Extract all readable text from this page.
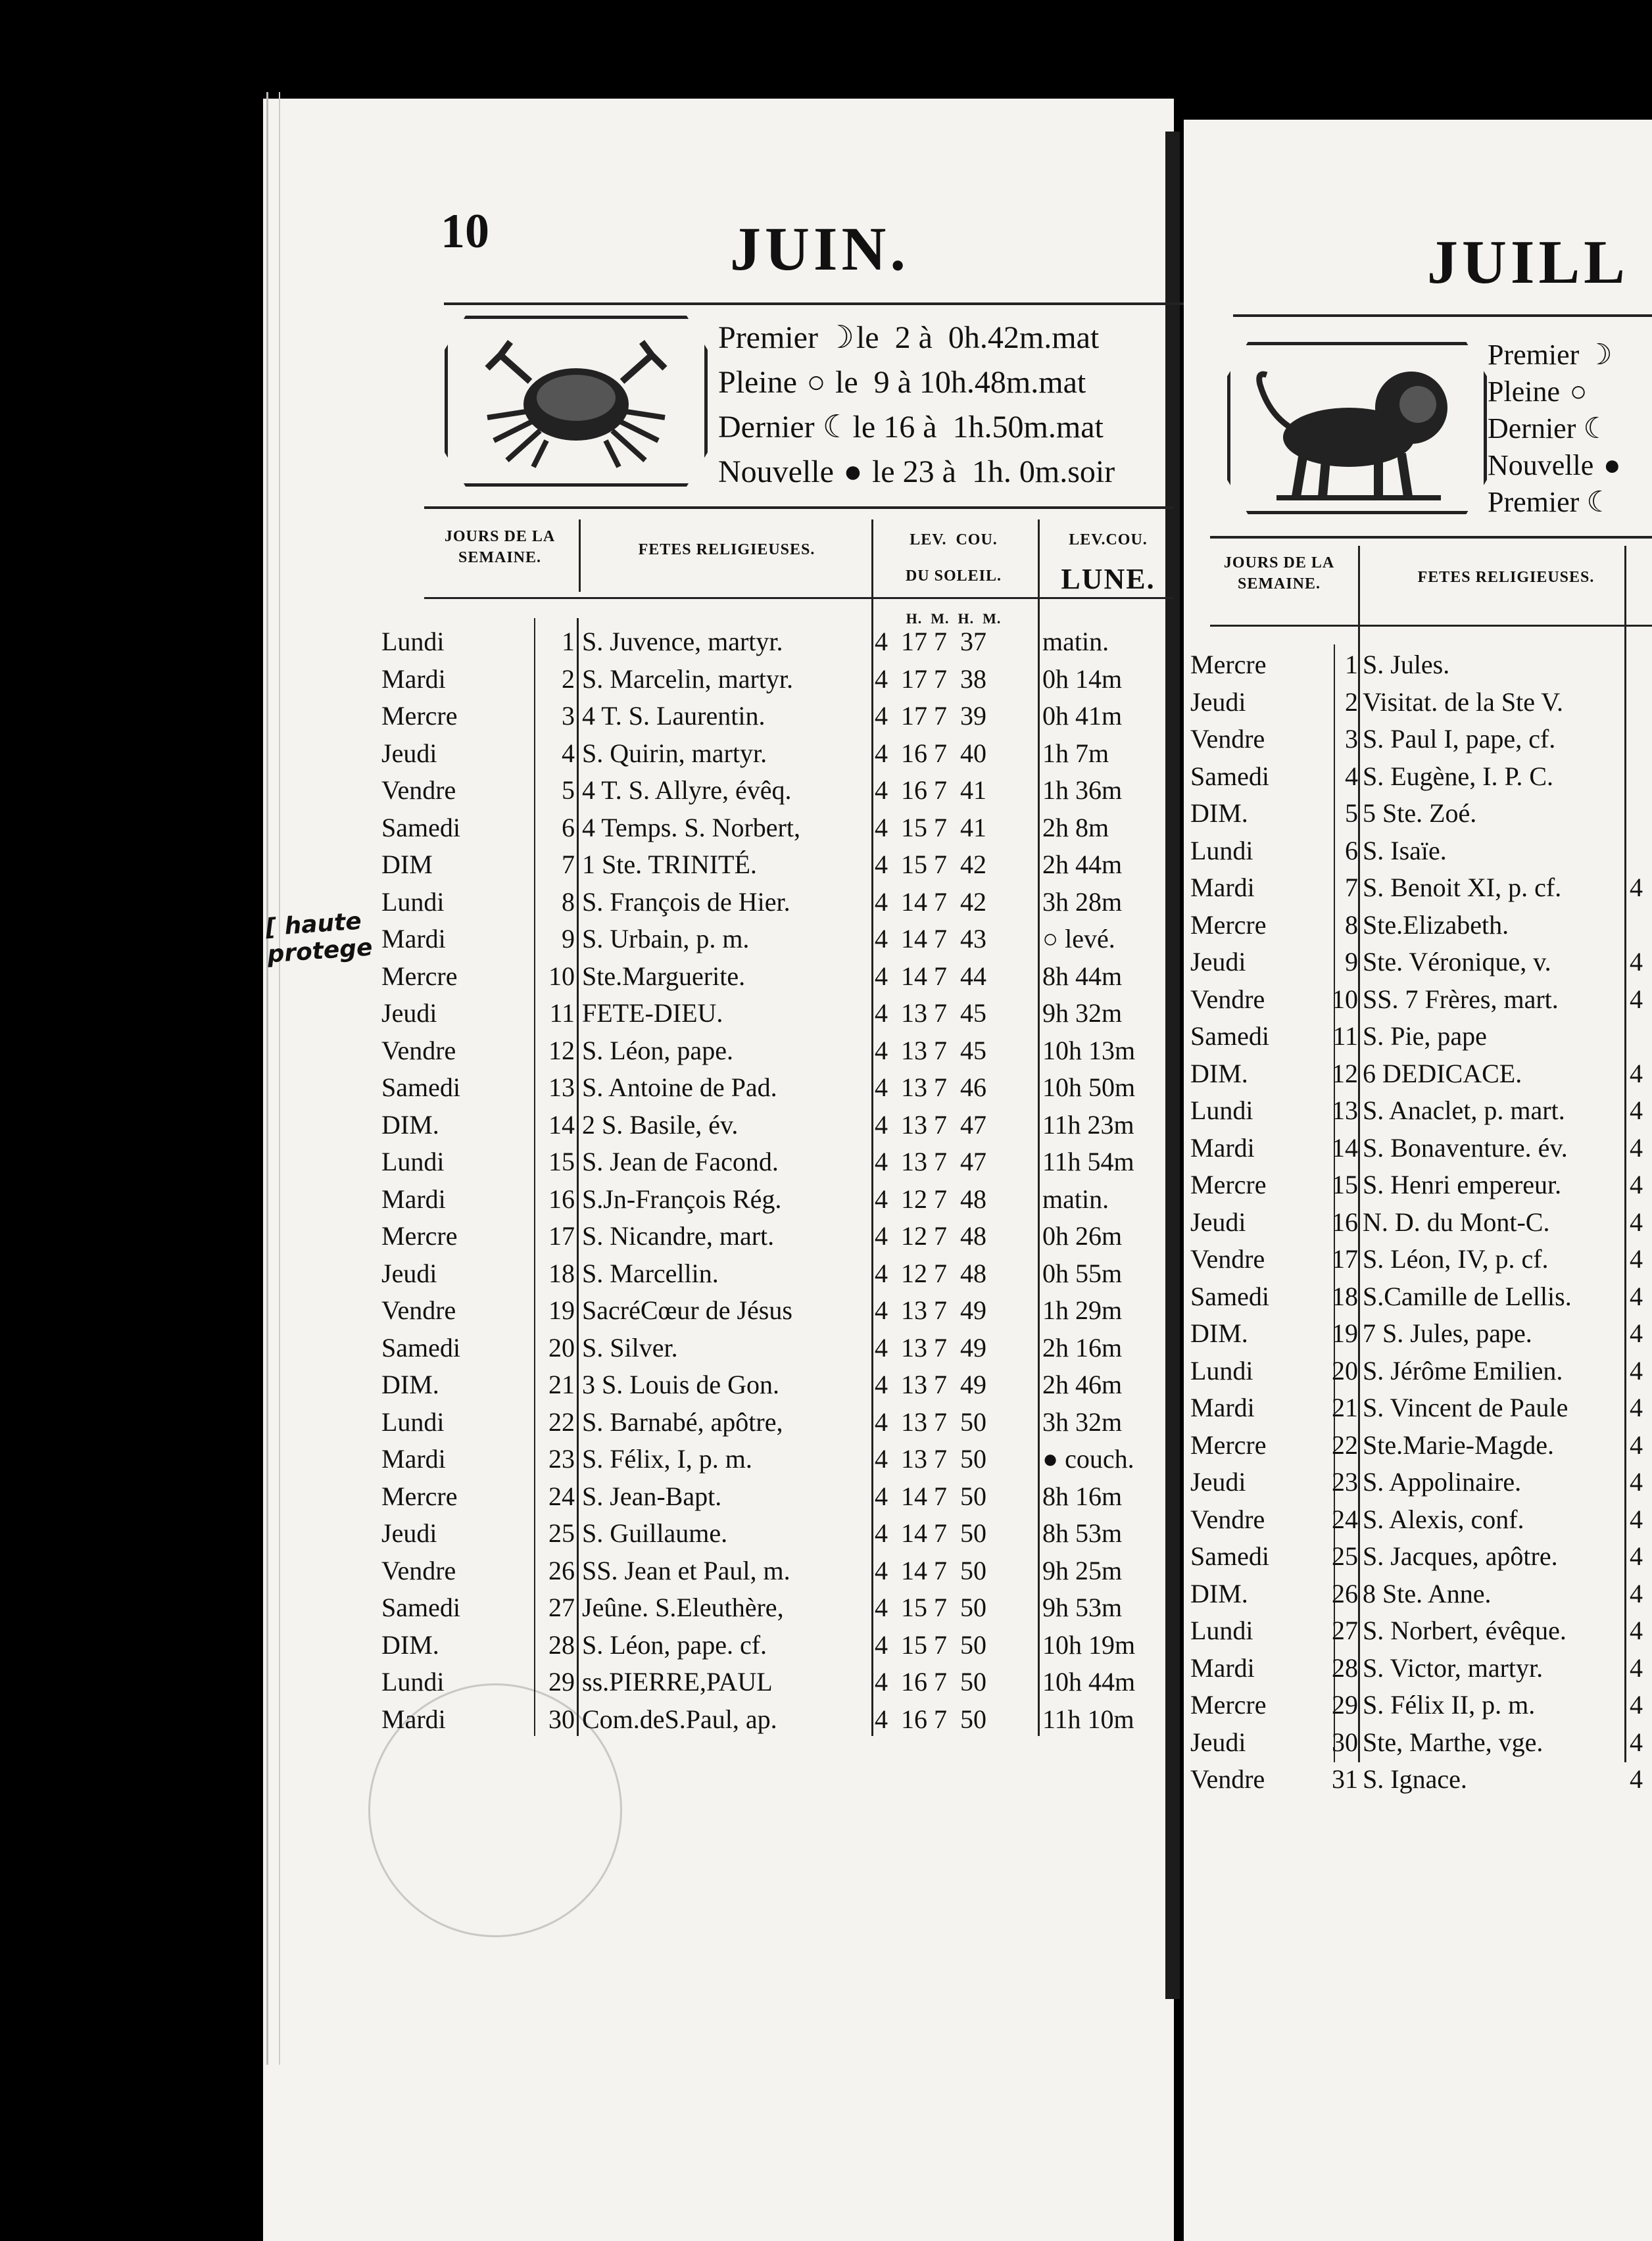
10	JUIN.
Premier ☽ le  2 à  0h.42m.mat
Pleine ○ le  9 à 10h.48m.mat
Dernier ☾ le 16 à  1h.50m.mat
Nouvelle ● le 23 à  1h. 0m.soir
JOURS DE LA SEMAINE.	FETES RELIGIEUSES.
LEV.  COU.
DU SOLEIL.
LEV.COU.
LUNE.
H.  M.  H.  M.
Lundi	1 S. Juvence, martyr.	4  17 7  37	matin.
Mardi	2 S. Marcelin, martyr.	4  17 7  38	0h 14m
Mercre	3 4 T. S. Laurentin.	4  17 7  39	0h 41m
Jeudi	4 S. Quirin, martyr.	4  16 7  40	1h 7m
Vendre	5 4 T. S. Allyre, évêq.	4  16 7  41	1h 36m
Samedi	6 4 Temps. S. Norbert,	4  15 7  41	2h 8m
DIM	7 1 Ste. TRINITÉ.	4  15 7  42	2h 44m
Lundi	8 S. François de Hier.	4  14 7  42	3h 28m
Mardi	9 S. Urbain, p. m.	4  14 7  43	○ levé.
Mercre	10 Ste.Marguerite.	4  14 7  44	8h 44m
Jeudi	11 FETE-DIEU.	4  13 7  45	9h 32m
Vendre	12 S. Léon, pape.	4  13 7  45	10h 13m
Samedi	13 S. Antoine de Pad.	4  13 7  46	10h 50m
DIM.	14 2 S. Basile, év.	4  13 7  47	11h 23m
Lundi	15 S. Jean de Facond.	4  13 7  47	11h 54m
Mardi	16 S.Jn-François Rég.	4  12 7  48	matin.
Mercre	17 S. Nicandre, mart.	4  12 7  48	0h 26m
Jeudi	18 S. Marcellin.	4  12 7  48	0h 55m
Vendre	19 SacréCœur de Jésus	4  13 7  49	1h 29m
Samedi	20 S. Silver.	4  13 7  49	2h 16m
DIM.	21 3 S. Louis de Gon.	4  13 7  49	2h 46m
Lundi	22 S. Barnabé, apôtre,	4  13 7  50	3h 32m
Mardi	23 S. Félix, I, p. m.	4  13 7  50	● couch.
Mercre	24 S. Jean-Bapt.	4  14 7  50	8h 16m
Jeudi	25 S. Guillaume.	4  14 7  50	8h 53m
Vendre	26 SS. Jean et Paul, m.	4  14 7  50	9h 25m
Samedi	27 Jeûne. S.Eleuthère,	4  15 7  50	9h 53m
DIM.	28 S. Léon, pape. cf.	4  15 7  50	10h 19m
Lundi	29 ss.PIERRE,PAUL	4  16 7  50	10h 44m
Mardi	30 Com.deS.Paul, ap.	4  16 7  50	11h 10m
JUILL
Premier ☽
Pleine ○
Dernier ☾
Nouvelle ●
Premier ☾
JOURS DE LA SEMAINE.	FETES RELIGIEUSES.
Mercre	1 S. Jules.
Jeudi	2 Visitat. de la Ste V.
Vendre	3 S. Paul I, pape, cf.
Samedi	4 S. Eugène, I. P. C.
DIM.	5 5 Ste. Zoé.
Lundi	6 S. Isaïe.
Mardi	7 S. Benoit XI, p. cf.	4
Mercre	8 Ste.Elizabeth.
Jeudi	9 Ste. Véronique, v.	4
Vendre	10 SS. 7 Frères, mart.	4
Samedi	11 S. Pie, pape
DIM.	12 6 DEDICACE.	4
Lundi	13 S. Anaclet, p. mart.	4
Mardi	14 S. Bonaventure. év.	4
Mercre	15 S. Henri empereur.	4
Jeudi	16 N. D. du Mont-C.	4
Vendre	17 S. Léon, IV, p. cf.	4
Samedi	18 S.Camille de Lellis.	4
DIM.	19 7 S. Jules, pape.	4
Lundi	20 S. Jérôme Emilien.	4
Mardi	21 S. Vincent de Paule	4
Mercre	22 Ste.Marie-Magde.	4
Jeudi	23 S. Appolinaire.	4
Vendre	24 S. Alexis, conf.	4
Samedi	25 S. Jacques, apôtre.	4
DIM.	26 8 Ste. Anne.	4
Lundi	27 S. Norbert, évêque.	4
Mardi	28 S. Victor, martyr.	4
Mercre	29 S. Félix II, p. m.	4
Jeudi	30 Ste, Marthe, vge.	4
Vendre	31 S. Ignace.	4
[ haute
protege
